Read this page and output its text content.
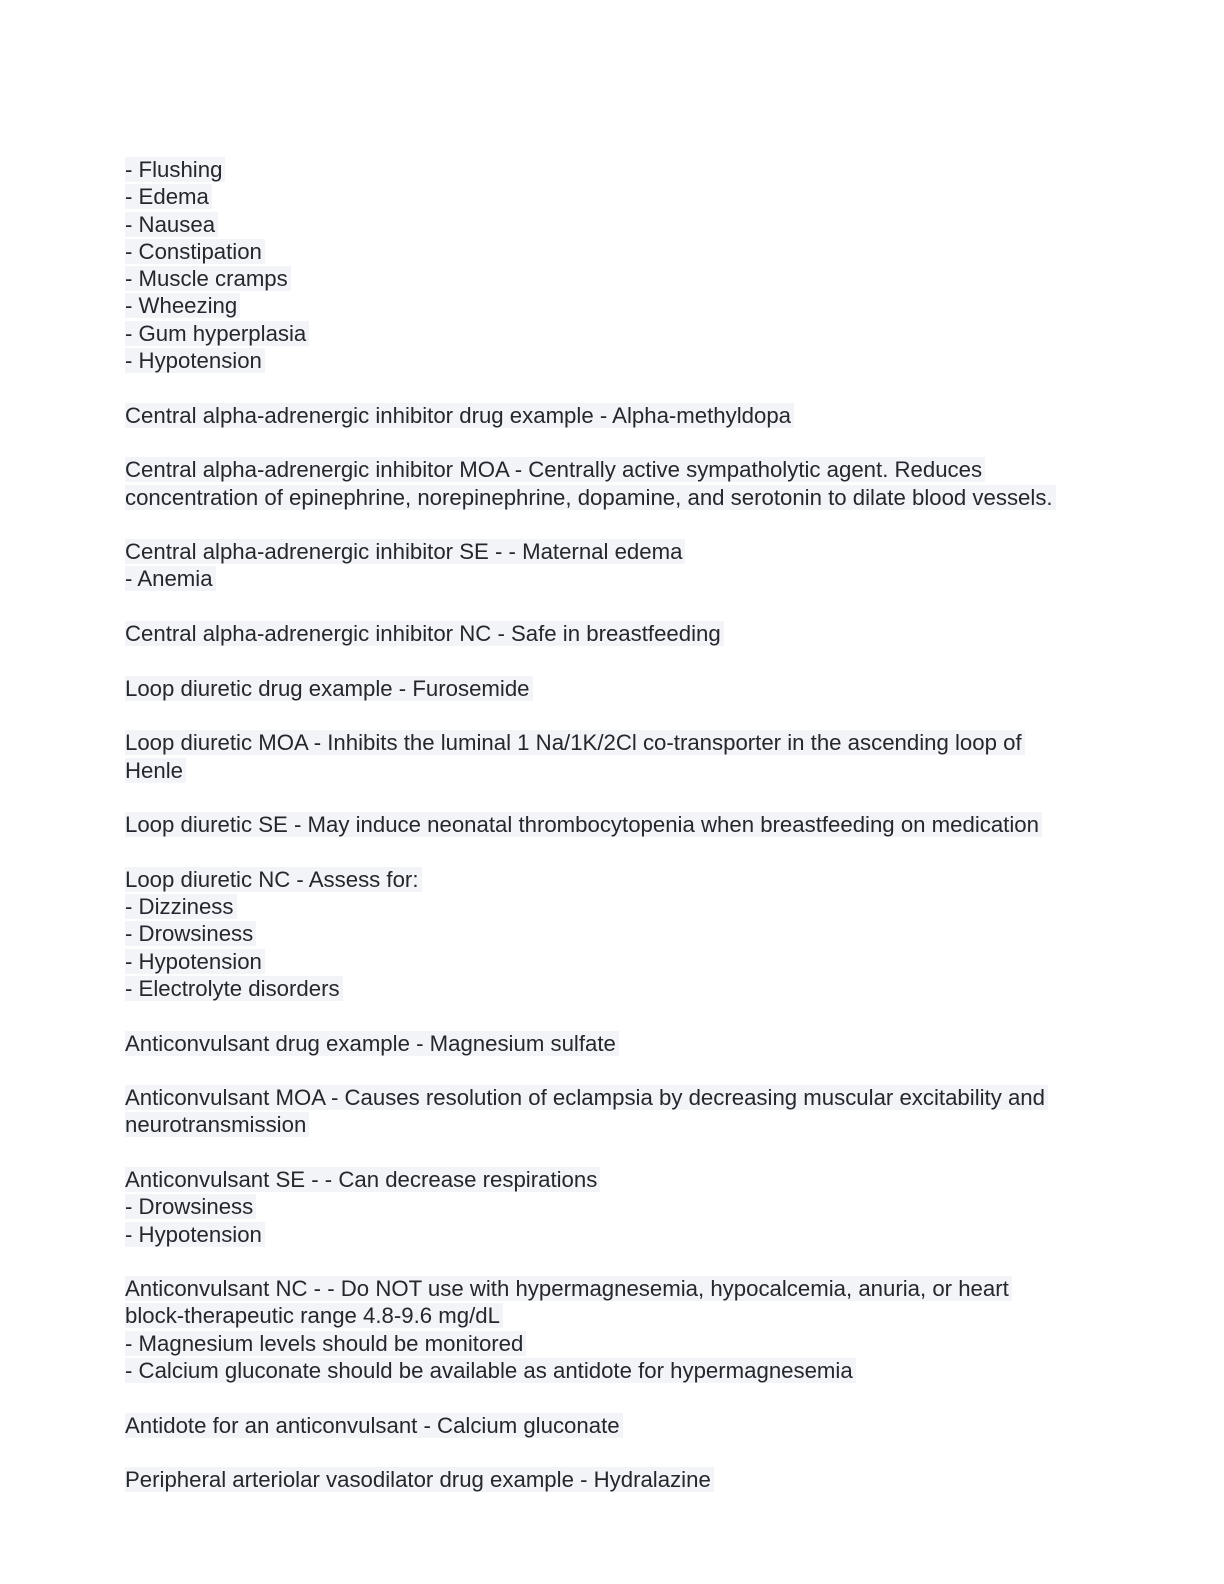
- Flushing
- Edema
- Nausea
- Constipation
- Muscle cramps
- Wheezing
- Gum hyperplasia
- Hypotension
Central alpha-adrenergic inhibitor drug example - Alpha-methyldopa
Central alpha-adrenergic inhibitor MOA - Centrally active sympatholytic agent. Reduces
concentration of epinephrine, norepinephrine, dopamine, and serotonin to dilate blood vessels.
Central alpha-adrenergic inhibitor SE - - Maternal edema
- Anemia
Central alpha-adrenergic inhibitor NC - Safe in breastfeeding
Loop diuretic drug example - Furosemide
Loop diuretic MOA - Inhibits the luminal 1 Na/1K/2Cl co-transporter in the ascending loop of
Henle
Loop diuretic SE - May induce neonatal thrombocytopenia when breastfeeding on medication
Loop diuretic NC - Assess for:
- Dizziness
- Drowsiness
- Hypotension
- Electrolyte disorders
Anticonvulsant drug example - Magnesium sulfate
Anticonvulsant MOA - Causes resolution of eclampsia by decreasing muscular excitability and
neurotransmission
Anticonvulsant SE - - Can decrease respirations
- Drowsiness
- Hypotension
Anticonvulsant NC - - Do NOT use with hypermagnesemia, hypocalcemia, anuria, or heart
block-therapeutic range 4.8-9.6 mg/dL
- Magnesium levels should be monitored
- Calcium gluconate should be available as antidote for hypermagnesemia
Antidote for an anticonvulsant - Calcium gluconate
Peripheral arteriolar vasodilator drug example - Hydralazine
